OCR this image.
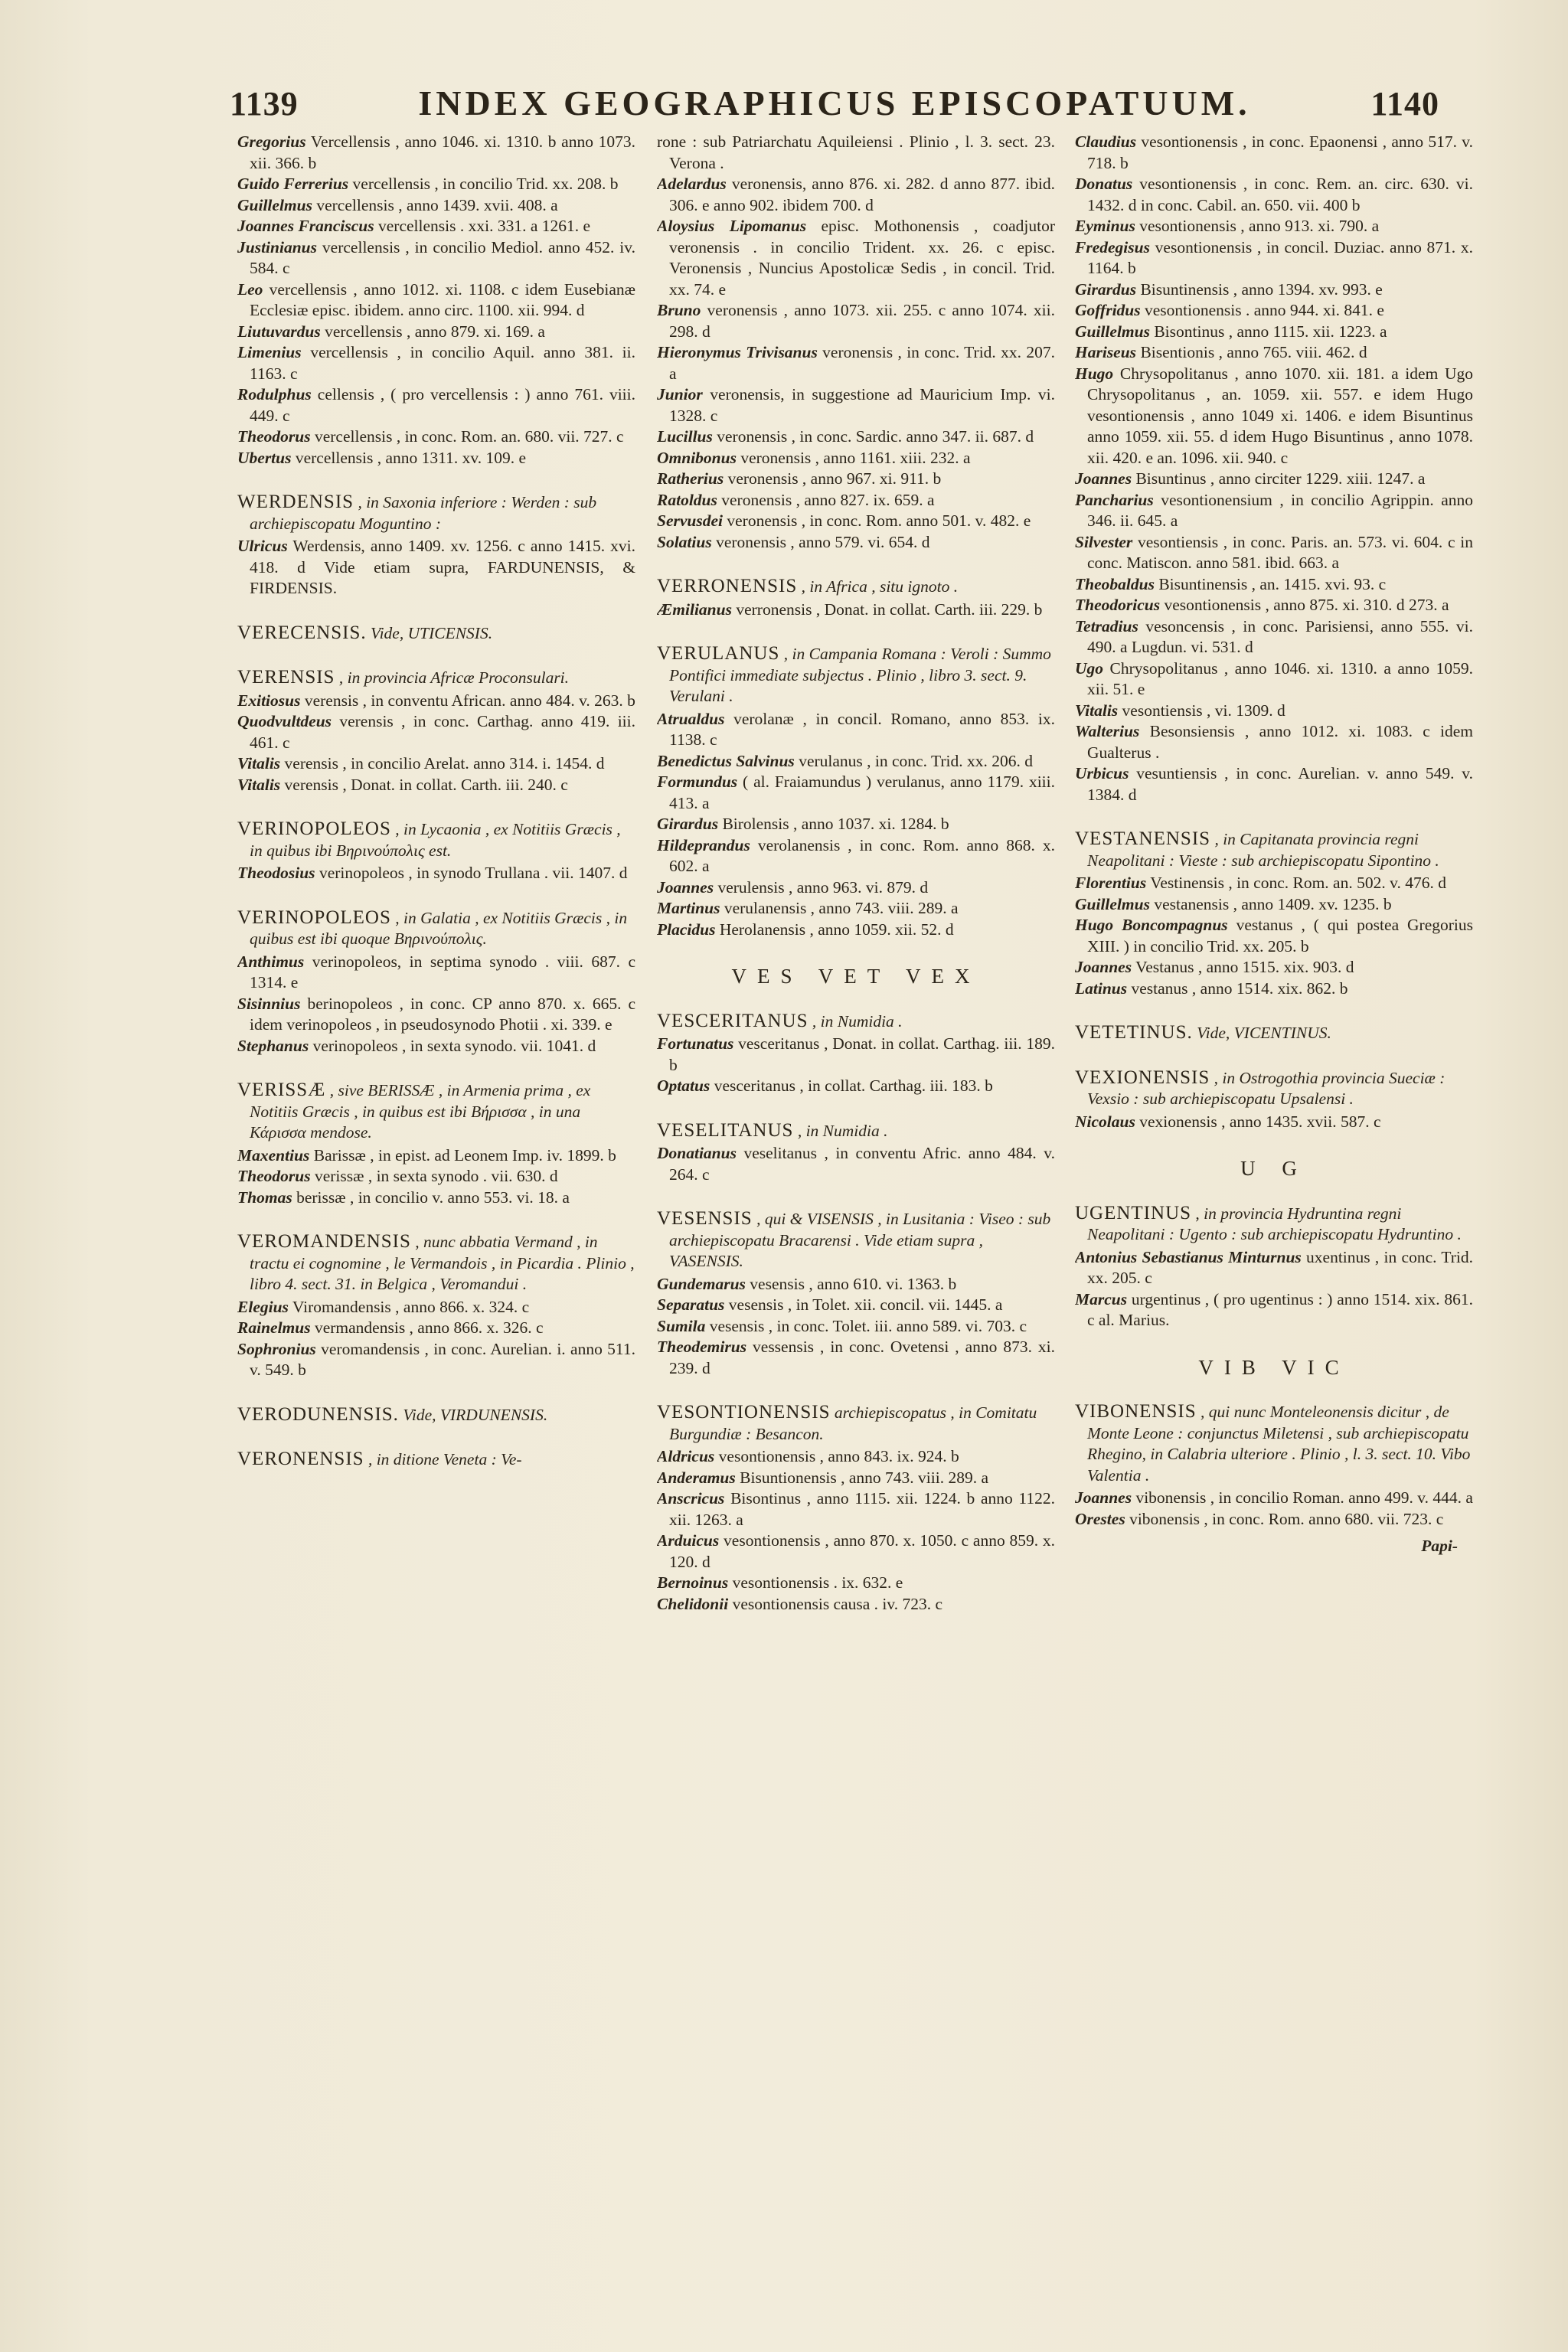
1139	INDEX GEOGRAPHICUS EPISCOPATUUM.	1140
Gregorius Vercellensis , anno 1046. xi. 1310. b anno 1073. xii. 366. b
Guido Ferrerius vercellensis , in concilio Trid. xx. 208. b
Guillelmus vercellensis , anno 1439. xvii. 408. a
Joannes Franciscus vercellensis . xxi. 331. a 1261. e
Justinianus vercellensis , in concilio Mediol. anno 452. iv. 584. c
Leo vercellensis , anno 1012. xi. 1108. c idem Eusebianæ Ecclesiæ episc. ibidem. anno circ. 1100. xii. 994. d
Liutuvardus vercellensis , anno 879. xi. 169. a
Limenius vercellensis , in concilio Aquil. anno 381. ii. 1163. c
Rodulphus cellensis , ( pro vercellensis : ) anno 761. viii. 449. c
Theodorus vercellensis , in conc. Rom. an. 680. vii. 727. c
Ubertus vercellensis , anno 1311. xv. 109. e
WERDENSIS , in Saxonia inferiore : Werden : sub archiepiscopatu Moguntino :
Ulricus Werdensis, anno 1409. xv. 1256. c anno 1415. xvi. 418. d Vide etiam supra, FARDUNENSIS, & FIRDENSIS.
VERECENSIS. Vide, UTICENSIS.
VERENSIS , in provincia Africæ Proconsulari.
Exitiosus verensis , in conventu African. anno 484. v. 263. b
Quodvultdeus verensis , in conc. Carthag. anno 419. iii. 461. c
Vitalis verensis , in concilio Arelat. anno 314. i. 1454. d
Vitalis verensis , Donat. in collat. Carth. iii. 240. c
VERINOPOLEOS , in Lycaonia , ex Notitiis Græcis , in quibus ibi Βηρινούπολις est.
Theodosius verinopoleos , in synodo Trullana . vii. 1407. d
VERINOPOLEOS , in Galatia , ex Notitiis Græcis , in quibus est ibi quoque Βηρινούπολις.
Anthimus verinopoleos, in septima synodo . viii. 687. c 1314. e
Sisinnius berinopoleos , in conc. CP anno 870. x. 665. c idem verinopoleos , in pseudosynodo Photii . xi. 339. e
Stephanus verinopoleos , in sexta synodo. vii. 1041. d
VERISSÆ , sive BERISSÆ , in Armenia prima , ex Notitiis Græcis , in quibus est ibi Βήρισσα , in una Κάρισσα mendose.
Maxentius Barissæ , in epist. ad Leonem Imp. iv. 1899. b
Theodorus verissæ , in sexta synodo . vii. 630. d
Thomas berissæ , in concilio v. anno 553. vi. 18. a
VEROMANDENSIS , nunc abbatia Vermand , in tractu ei cognomine , le Vermandois , in Picardia . Plinio , libro 4. sect. 31. in Belgica , Veromandui .
Elegius Viromandensis , anno 866. x. 324. c
Rainelmus vermandensis , anno 866. x. 326. c
Sophronius veromandensis , in conc. Aurelian. i. anno 511. v. 549. b
VERODUNENSIS. Vide, VIRDUNENSIS.
VERONENSIS , in ditione Veneta : Ve-
rone : sub Patriarchatu Aquileiensi . Plinio , l. 3. sect. 23. Verona .
Adelardus veronensis, anno 876. xi. 282. d anno 877. ibid. 306. e anno 902. ibidem 700. d
Aloysius Lipomanus episc. Mothonensis , coadjutor veronensis . in concilio Trident. xx. 26. c episc. Veronensis , Nuncius Apostolicæ Sedis , in concil. Trid. xx. 74. e
Bruno veronensis , anno 1073. xii. 255. c anno 1074. xii. 298. d
Hieronymus Trivisanus veronensis , in conc. Trid. xx. 207. a
Junior veronensis, in suggestione ad Mauricium Imp. vi. 1328. c
Lucillus veronensis , in conc. Sardic. anno 347. ii. 687. d
Omnibonus veronensis , anno 1161. xiii. 232. a
Ratherius veronensis , anno 967. xi. 911. b
Ratoldus veronensis , anno 827. ix. 659. a
Servusdei veronensis , in conc. Rom. anno 501. v. 482. e
Solatius veronensis , anno 579. vi. 654. d
VERRONENSIS , in Africa , situ ignoto .
Æmilianus verronensis , Donat. in collat. Carth. iii. 229. b
VERULANUS , in Campania Romana : Veroli : Summo Pontifici immediate subjectus . Plinio , libro 3. sect. 9. Verulani .
Atrualdus verolanæ , in concil. Romano, anno 853. ix. 1138. c
Benedictus Salvinus verulanus , in conc. Trid. xx. 206. d
Formundus ( al. Fraiamundus ) verulanus, anno 1179. xiii. 413. a
Girardus Birolensis , anno 1037. xi. 1284. b
Hildeprandus verolanensis , in conc. Rom. anno 868. x. 602. a
Joannes verulensis , anno 963. vi. 879. d
Martinus verulanensis , anno 743. viii. 289. a
Placidus Herolanensis , anno 1059. xii. 52. d
VES VET VEX
VESCERITANUS , in Numidia .
Fortunatus vesceritanus , Donat. in collat. Carthag. iii. 189. b
Optatus vesceritanus , in collat. Carthag. iii. 183. b
VESELITANUS , in Numidia .
Donatianus veselitanus , in conventu Afric. anno 484. v. 264. c
VESENSIS , qui & VISENSIS , in Lusitania : Viseo : sub archiepiscopatu Bracarensi . Vide etiam supra , VASENSIS.
Gundemarus vesensis , anno 610. vi. 1363. b
Separatus vesensis , in Tolet. xii. concil. vii. 1445. a
Sumila vesensis , in conc. Tolet. iii. anno 589. vi. 703. c
Theodemirus vessensis , in conc. Ovetensi , anno 873. xi. 239. d
VESONTIONENSIS archiepiscopatus , in Comitatu Burgundiæ : Besancon.
Aldricus vesontionensis , anno 843. ix. 924. b
Anderamus Bisuntionensis , anno 743. viii. 289. a
Anscricus Bisontinus , anno 1115. xii. 1224. b anno 1122. xii. 1263. a
Arduicus vesontionensis , anno 870. x. 1050. c anno 859. x. 120. d
Bernoinus vesontionensis . ix. 632. e
Chelidonii vesontionensis causa . iv. 723. c
Claudius vesontionensis , in conc. Epaonensi , anno 517. v. 718. b
Donatus vesontionensis , in conc. Rem. an. circ. 630. vi. 1432. d in conc. Cabil. an. 650. vii. 400 b
Eyminus vesontionensis , anno 913. xi. 790. a
Fredegisus vesontionensis , in concil. Duziac. anno 871. x. 1164. b
Girardus Bisuntinensis , anno 1394. xv. 993. e
Goffridus vesontionensis . anno 944. xi. 841. e
Guillelmus Bisontinus , anno 1115. xii. 1223. a
Hariseus Bisentionis , anno 765. viii. 462. d
Hugo Chrysopolitanus , anno 1070. xii. 181. a idem Ugo Chrysopolitanus , an. 1059. xii. 557. e idem Hugo vesontionensis , anno 1049 xi. 1406. e idem Bisuntinus anno 1059. xii. 55. d idem Hugo Bisuntinus , anno 1078. xii. 420. e an. 1096. xii. 940. c
Joannes Bisuntinus , anno circiter 1229. xiii. 1247. a
Pancharius vesontionensium , in concilio Agrippin. anno 346. ii. 645. a
Silvester vesontiensis , in conc. Paris. an. 573. vi. 604. c in conc. Matiscon. anno 581. ibid. 663. a
Theobaldus Bisuntinensis , an. 1415. xvi. 93. c
Theodoricus vesontionensis , anno 875. xi. 310. d 273. a
Tetradius vesoncensis , in conc. Parisiensi, anno 555. vi. 490. a Lugdun. vi. 531. d
Ugo Chrysopolitanus , anno 1046. xi. 1310. a anno 1059. xii. 51. e
Vitalis vesontiensis , vi. 1309. d
Walterius Besonsiensis , anno 1012. xi. 1083. c idem Gualterus .
Urbicus vesuntiensis , in conc. Aurelian. v. anno 549. v. 1384. d
VESTANENSIS , in Capitanata provincia regni Neapolitani : Vieste : sub archiepiscopatu Sipontino .
Florentius Vestinensis , in conc. Rom. an. 502. v. 476. d
Guillelmus vestanensis , anno 1409. xv. 1235. b
Hugo Boncompagnus vestanus , ( qui postea Gregorius XIII. ) in concilio Trid. xx. 205. b
Joannes Vestanus , anno 1515. xix. 903. d
Latinus vestanus , anno 1514. xix. 862. b
VETETINUS. Vide, VICENTINUS.
VEXIONENSIS , in Ostrogothia provincia Sueciæ : Vexsio : sub archiepiscopatu Upsalensi .
Nicolaus vexionensis , anno 1435. xvii. 587. c
U G
UGENTINUS , in provincia Hydruntina regni Neapolitani : Ugento : sub archiepiscopatu Hydruntino .
Antonius Sebastianus Minturnus uxentinus , in conc. Trid. xx. 205. c
Marcus urgentinus , ( pro ugentinus : ) anno 1514. xix. 861. c al. Marius.
VIB VIC
VIBONENSIS , qui nunc Monteleonensis dicitur , de Monte Leone : conjunctus Miletensi , sub archiepiscopatu Rhegino, in Calabria ulteriore . Plinio , l. 3. sect. 10. Vibo Valentia .
Joannes vibonensis , in concilio Roman. anno 499. v. 444. a
Orestes vibonensis , in conc. Rom. anno 680. vii. 723. c
Papi-
